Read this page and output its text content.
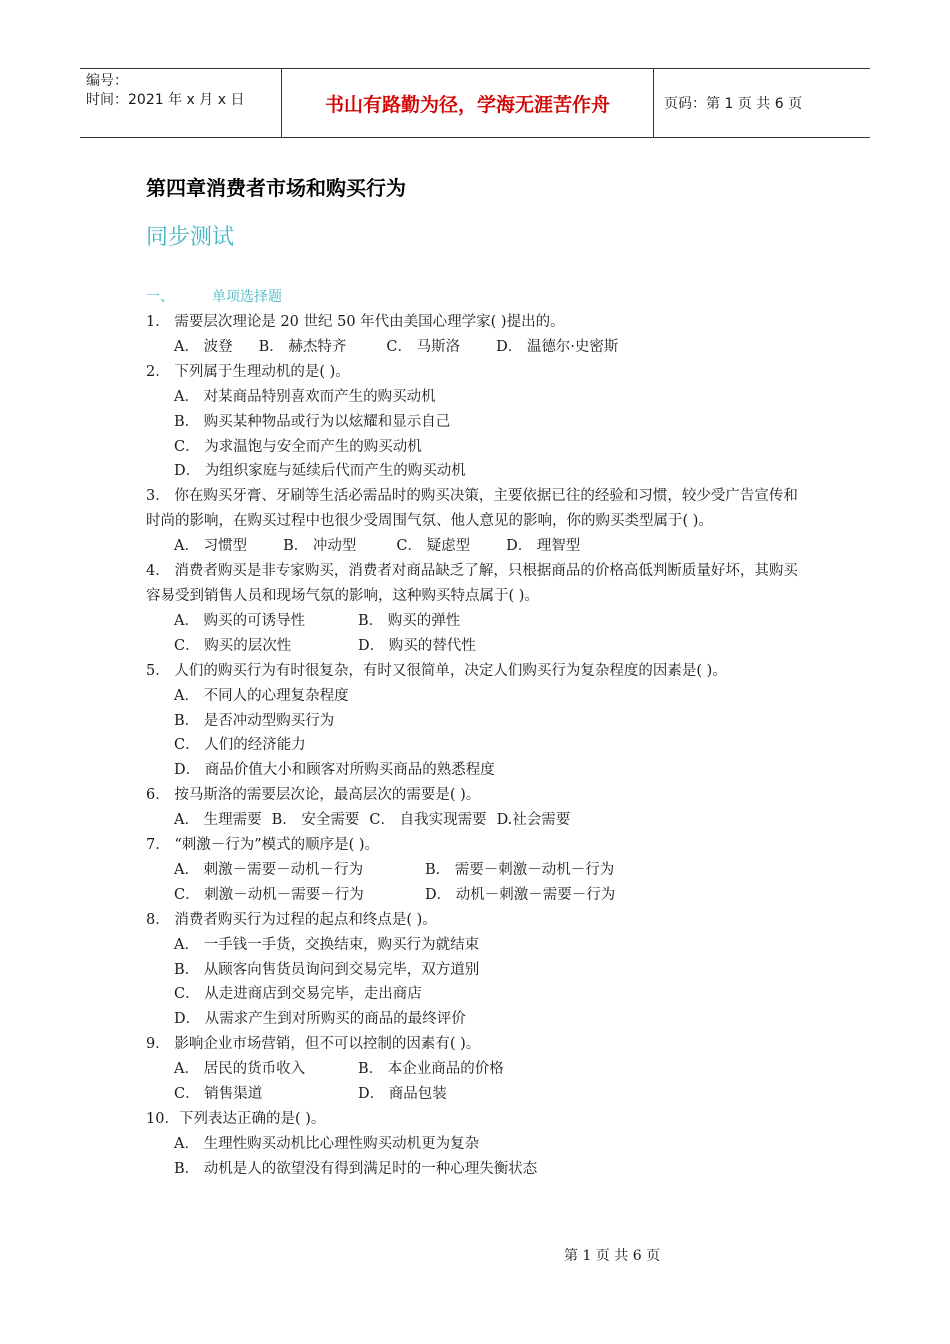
编号：
时间：2021 年 x 月 x 日	书山有路勤为径，学海无涯苦作舟	页码：第 1 页 共 6 页
第四章消费者市场和购买行为
同步测试
一、	单项选择题
1． 需要层次理论是 20 世纪 50 年代由美国心理学家( )提出的。
A． 波登 B． 赫杰特齐	C． 马斯洛 D． 温德尔·史密斯
2． 下列属于生理动机的是( )。
A． 对某商品特别喜欢而产生的购买动机
B． 购买某种物品或行为以炫耀和显示自己
C． 为求温饱与安全而产生的购买动机
D． 为组织家庭与延续后代而产生的购买动机
3． 你在购买牙膏、牙刷等生活必需品时的购买决策，主要依据已往的经验和习惯，较少受广告宣传和时尚的影响，在购买过程中也很少受周围气氛、他人意见的影响，你的购买类型属于( )。
A． 习惯型 B． 冲动型	C． 疑虑型 D． 理智型
4． 消费者购买是非专家购买，消费者对商品缺乏了解，只根据商品的价格高低判断质量好坏，其购买容易受到销售人员和现场气氛的影响，这种购买特点属于( )。
A． 购买的可诱导性	B． 购买的弹性
C． 购买的层次性	D． 购买的替代性
5． 人们的购买行为有时很复杂，有时又很简单，决定人们购买行为复杂程度的因素是( )。
A． 不同人的心理复杂程度
B． 是否冲动型购买行为
C． 人们的经济能力
D． 商品价值大小和顾客对所购买商品的熟悉程度
6． 按马斯洛的需要层次论，最高层次的需要是( )。
A． 生理需要 B． 安全需要 C． 自我实现需要 D.社会需要
7． “刺激－行为”模式的顺序是( )。
A． 刺激－需要－动机－行为	B． 需要－刺激－动机－行为
C． 刺激－动机－需要－行为	D． 动机－刺激－需要－行为
8． 消费者购买行为过程的起点和终点是( )。
A． 一手钱一手货，交换结束，购买行为就结束
B． 从顾客向售货员询问到交易完毕，双方道别
C． 从走进商店到交易完毕，走出商店
D． 从需求产生到对所购买的商品的最终评价
9． 影响企业市场营销，但不可以控制的因素有( )。
A． 居民的货币收入	B． 本企业商品的价格
C． 销售渠道	D． 商品包装
10．下列表达正确的是( )。
A． 生理性购买动机比心理性购买动机更为复杂
B． 动机是人的欲望没有得到满足时的一种心理失衡状态
第 1 页 共 6 页
